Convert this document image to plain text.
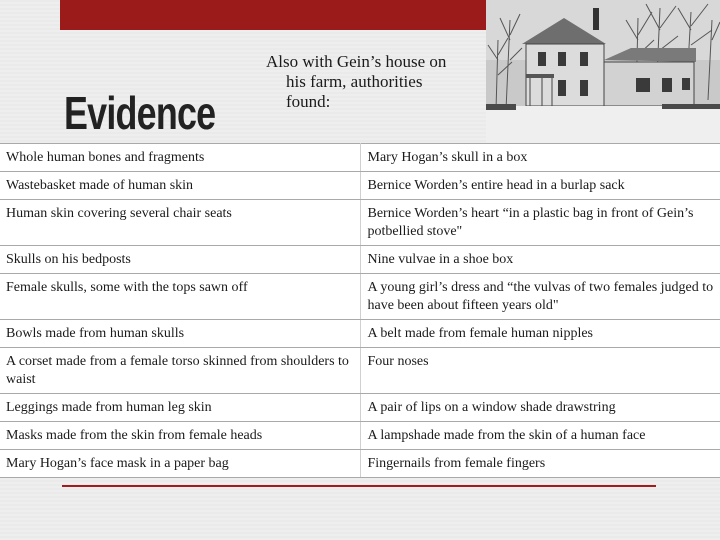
Evidence
Also with Gein’s house on
his farm, authorities
found:
Whole human bones and fragments	Mary Hogan’s skull in a box
Wastebasket made of human skin	Bernice Worden’s entire head in a burlap sack
Human skin covering several chair seats	Bernice Worden’s heart “in a plastic bag in front of Gein’s potbellied stove"
Skulls on his bedposts	Nine vulvae in a shoe box
Female skulls, some with the tops sawn off	A young girl’s dress and “the vulvas of two females judged to have been about fifteen years old"
Bowls made from human skulls	A belt made from female human nipples
A corset made from a female torso skinned from shoulders to waist	Four noses
Leggings made from human leg skin	A pair of lips on a window shade drawstring
Masks made from the skin from female heads	A lampshade made from the skin of a human face
Mary Hogan’s face mask in a paper bag	Fingernails from female fingers
